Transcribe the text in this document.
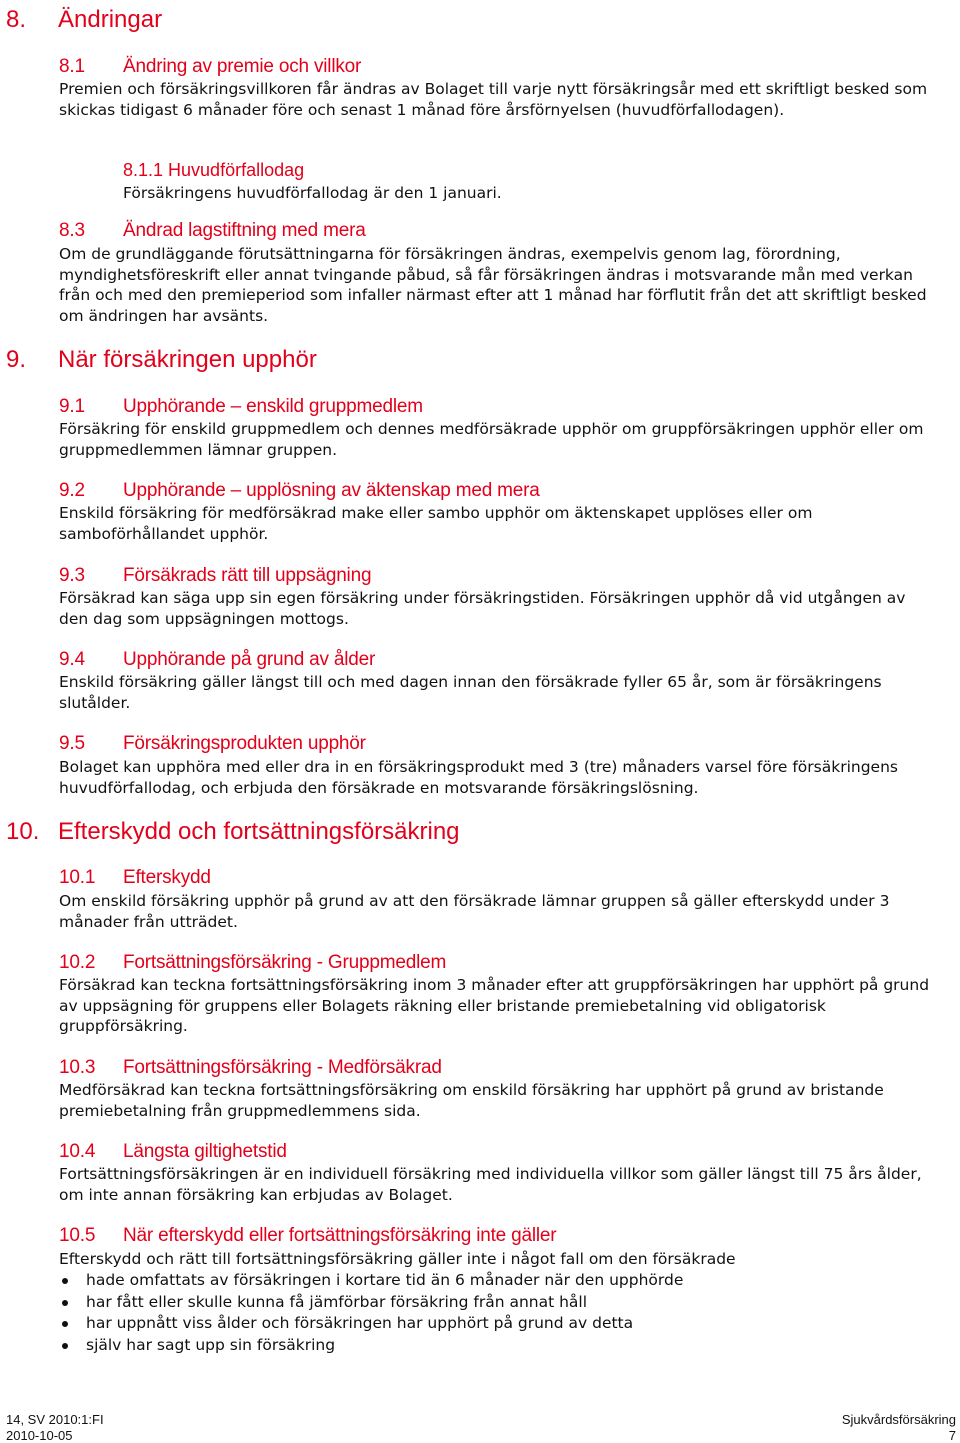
8. Ändringar
8.1 Ändring av premie och villkor

Premien och försäkringsvillkoren får ändras av Bolaget till varje nytt försäkringsår med ett skriftligt besked som skickas tidigast 6 månader före och senast 1 månad före årsförnyelsen (huvudförfallodagen).

8.1.1 Huvudförfallodag

Försäkringens huvudförfallodag är den 1 januari.

8.3 Ändrad lagstiftning med mera

Om de grundläggande förutsättningarna för försäkringen ändras, exempelvis genom lag, förordning, myndighetsföreskrift eller annat tvingande påbud, så får försäkringen ändras i motsvarande mån med verkan från och med den premieperiod som infaller närmast efter att 1 månad har förflutit från det att skriftligt besked om ändringen har avsänts.

9. När försäkringen upphör
9.1 Upphörande – enskild gruppmedlem

Försäkring för enskild gruppmedlem och dennes medförsäkrade upphör om gruppförsäkringen upphör eller om gruppmedlemmen lämnar gruppen.

9.2 Upphörande – upplösning av äktenskap med mera

Enskild försäkring för medförsäkrad make eller sambo upphör om äktenskapet upplöses eller om samboförhållandet upphör.

9.3 Försäkrads rätt till uppsägning

Försäkrad kan säga upp sin egen försäkring under försäkringstiden. Försäkringen upphör då vid utgången av den dag som uppsägningen mottogs.

9.4 Upphörande på grund av ålder

Enskild försäkring gäller längst till och med dagen innan den försäkrade fyller 65 år, som är försäkringens slutålder.

9.5 Försäkringsprodukten upphör

Bolaget kan upphöra med eller dra in en försäkringsprodukt med 3 (tre) månaders varsel före försäkringens huvudförfallodag, och erbjuda den försäkrade en motsvarande försäkringslösning.

10. Efterskydd och fortsättningsförsäkring
10.1 Efterskydd

Om enskild försäkring upphör på grund av att den försäkrade lämnar gruppen så gäller efterskydd under 3 månader från utträdet.

10.2 Fortsättningsförsäkring - Gruppmedlem

Försäkrad kan teckna fortsättningsförsäkring inom 3 månader efter att gruppförsäkringen har upphört på grund av uppsägning för gruppens eller Bolagets räkning eller bristande premiebetalning vid obligatorisk gruppförsäkring.

10.3 Fortsättningsförsäkring - Medförsäkrad

Medförsäkrad kan teckna fortsättningsförsäkring om enskild försäkring har upphört på grund av bristande premiebetalning från gruppmedlemmens sida.

10.4 Längsta giltighetstid

Fortsättningsförsäkringen är en individuell försäkring med individuella villkor som gäller längst till 75 års ålder, om inte annan försäkring kan erbjudas av Bolaget.

10.5 När efterskydd eller fortsättningsförsäkring inte gäller

Efterskydd och rätt till fortsättningsförsäkring gäller inte i något fall om den försäkrade

hade omfattats av försäkringen i kortare tid än 6 månader när den upphörde
har fått eller skulle kunna få jämförbar försäkring från annat håll
har uppnått viss ålder och försäkringen har upphört på grund av detta
själv har sagt upp sin försäkring
14, SV 2010:1:FI
2010-10-05
Sjukvårdsförsäkring
7
